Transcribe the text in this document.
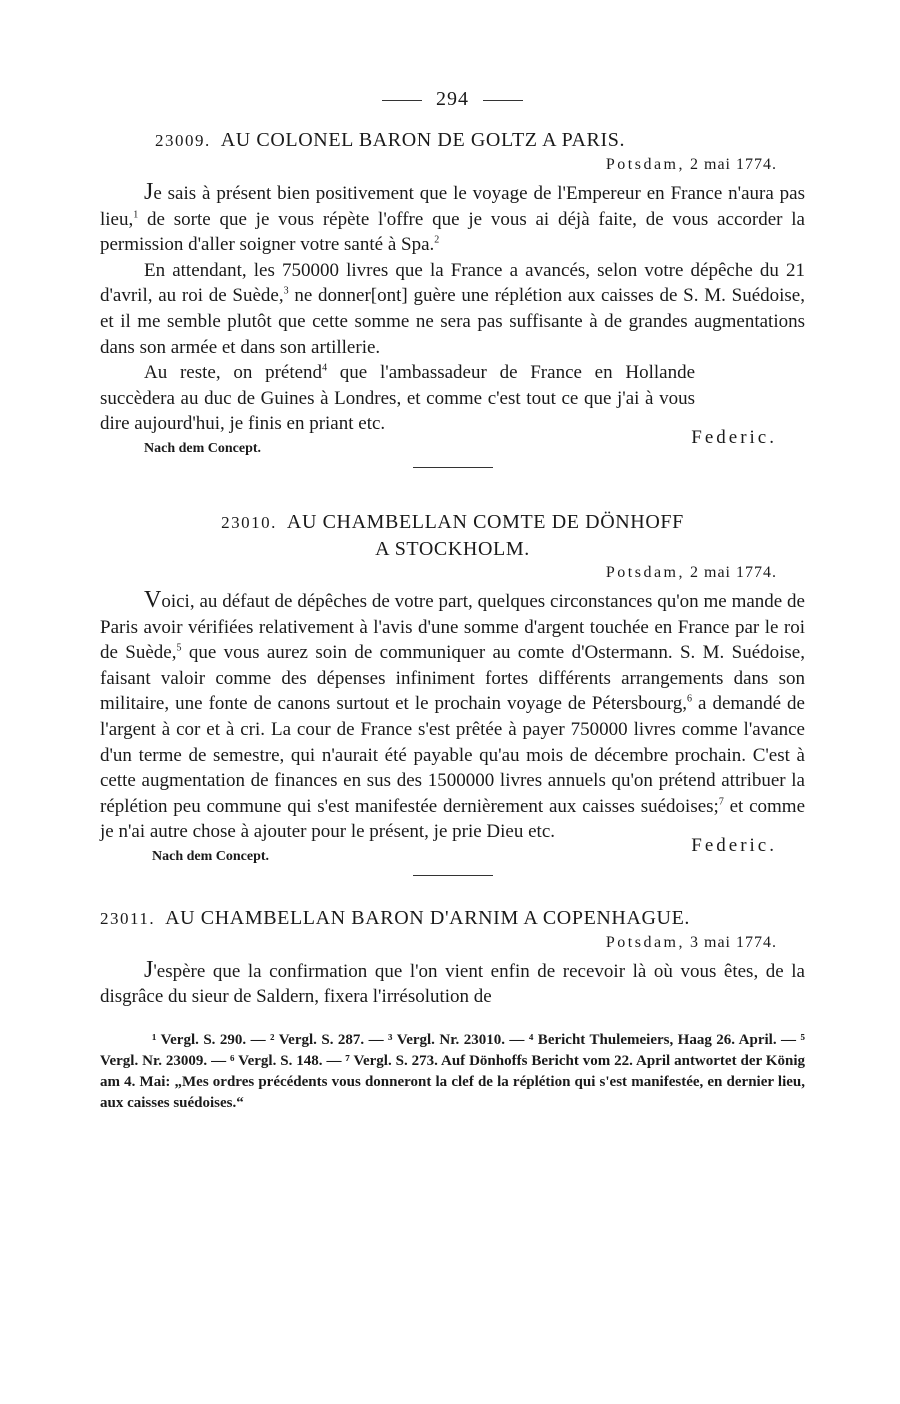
294
23009. AU COLONEL BARON DE GOLTZ A PARIS.
Potsdam, 2 mai 1774.

Je sais à présent bien positivement que le voyage de l'Empereur en France n'aura pas lieu,$^1$ de sorte que je vous répète l'offre que je vous ai déjà faite, de vous accorder la permission d'aller soigner votre santé à Spa.$^2$

En attendant, les 750000 livres que la France a avancés, selon votre dépêche du 21 d'avril, au roi de Suède,$^3$ ne donner[ont] guère une réplétion aux caisses de S. M. Suédoise, et il me semble plutôt que cette somme ne sera pas suffisante à de grandes augmentations dans son armée et dans son artillerie.

Au reste, on prétend$^4$ que l'ambassadeur de France en Hollande succèdera au duc de Guines à Londres, et comme c'est tout ce que j'ai à vous dire aujourd'hui, je finis en priant etc.

Federic.
Nach dem Concept.
23010. AU CHAMBELLAN COMTE DE DÖNHOFF
A STOCKHOLM.
Potsdam, 2 mai 1774.

Voici, au défaut de dépêches de votre part, quelques circonstances qu'on me mande de Paris avoir vérifiées relativement à l'avis d'une somme d'argent touchée en France par le roi de Suède,$^5$ que vous aurez soin de communiquer au comte d'Ostermann. S. M. Suédoise, faisant valoir comme des dépenses infiniment fortes différents arrangements dans son militaire, une fonte de canons surtout et le prochain voyage de Pétersbourg,$^6$ a demandé de l'argent à cor et à cri. La cour de France s'est prêtée à payer 750000 livres comme l'avance d'un terme de semestre, qui n'aurait été payable qu'au mois de décembre prochain. C'est à cette augmentation de finances en sus des 1500000 livres annuels qu'on prétend attribuer la réplétion peu commune qui s'est manifestée dernièrement aux caisses suédoises;$^7$ et comme je n'ai autre chose à ajouter pour le présent, je prie Dieu etc.

Federic.
Nach dem Concept.
23011. AU CHAMBELLAN BARON D'ARNIM A COPENHAGUE.
Potsdam, 3 mai 1774.

J'espère que la confirmation que l'on vient enfin de recevoir là où vous êtes, de la disgrâce du sieur de Saldern, fixera l'irrésolution de

¹ Vergl. S. 290. — ² Vergl. S. 287. — ³ Vergl. Nr. 23010. — ⁴ Bericht Thulemeiers, Haag 26. April. — ⁵ Vergl. Nr. 23009. — ⁶ Vergl. S. 148. — ⁷ Vergl. S. 273. Auf Dönhoffs Bericht vom 22. April antwortet der König am 4. Mai: „Mes ordres précédents vous donneront la clef de la réplétion qui s'est manifestée, en dernier lieu, aux caisses suédoises.“
